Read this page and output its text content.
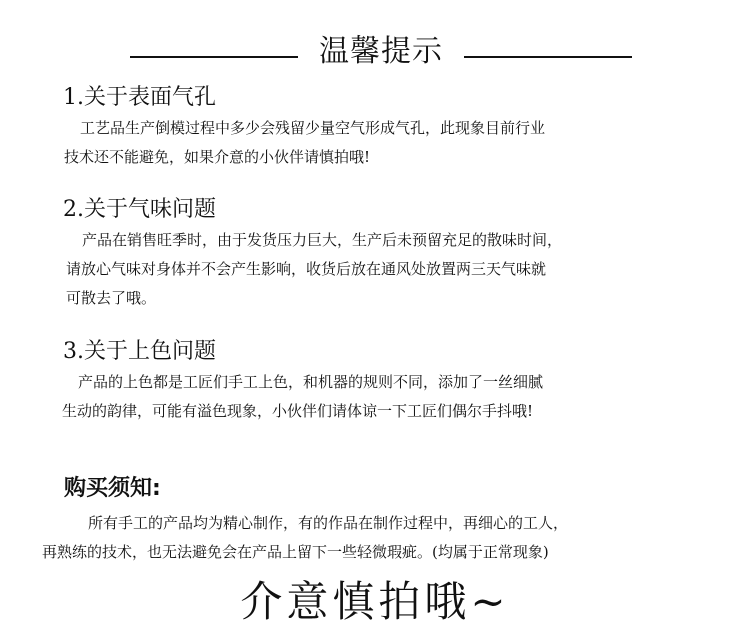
温馨提示
1.关于表面气孔

工艺品生产倒模过程中多少会残留少量空气形成气孔，此现象目前行业

技术还不能避免，如果介意的小伙伴请慎拍哦!

2.关于气味问题

产品在销售旺季时，由于发货压力巨大，生产后未预留充足的散味时间，

请放心气味对身体并不会产生影响，收货后放在通风处放置两三天气味就

可散去了哦。

3.关于上色问题

产品的上色都是工匠们手工上色，和机器的规则不同，添加了一丝细腻

生动的韵律，可能有溢色现象，小伙伴们请体谅一下工匠们偶尔手抖哦!

购买须知:

所有手工的产品均为精心制作，有的作品在制作过程中，再细心的工人，

再熟练的技术，也无法避免会在产品上留下一些轻微瑕疵。(均属于正常现象)

介意慎拍哦~
